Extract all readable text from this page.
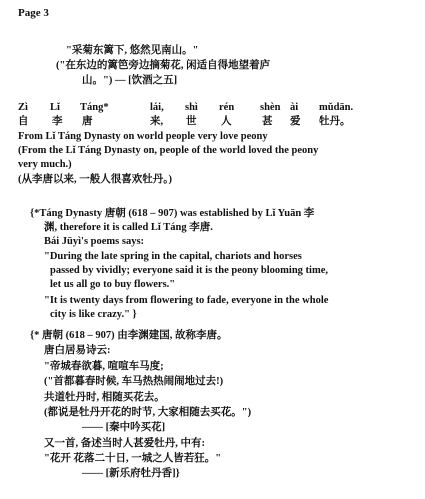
Page 3
"采菊东篱下, 悠然见南山。"
("在东边的篱笆旁边摘菊花, 闲适自得地望着庐
山。") ― [饮酒之五]
Zì Lǐ Táng*	lái, shì rén shèn ài mǔdān.
自 李 唐	来, 世 人	甚 爱 牡丹。
From Lǐ Táng Dynasty on world people very love peony
(From the Lǐ Táng Dynasty on, people of the world loved the peony
very much.)
(从李唐以来, 一般人很喜欢牡丹。)
{*Táng Dynasty 唐朝 (618 – 907) was established by Lǐ Yuān 李
渊, therefore it is called Lǐ Táng 李唐.
Bái Jūyì's poems says:
"During the late spring in the capital, chariots and horses
passed by vividly; everyone said it is the peony blooming time,
let us all go to buy flowers."
"It is twenty days from flowering to fade, everyone in the whole
city is like crazy." }
{* 唐朝 (618 – 907) 由李渊建国, 故称李唐。
唐白居易诗云:
"帝城春欲暮, 喧喧车马度;
("首都暮春时候, 车马热热闹闹地过去!)
共道牡丹时, 相随买花去。
(都说是牡丹开花的时节, 大家相随去买花。")
―― [秦中吟买花]
又一首, 备述当时人甚爱牡丹, 中有:
"花开 花落二十日, 一城之人皆若狂。"
―― [新乐府牡丹香]}
